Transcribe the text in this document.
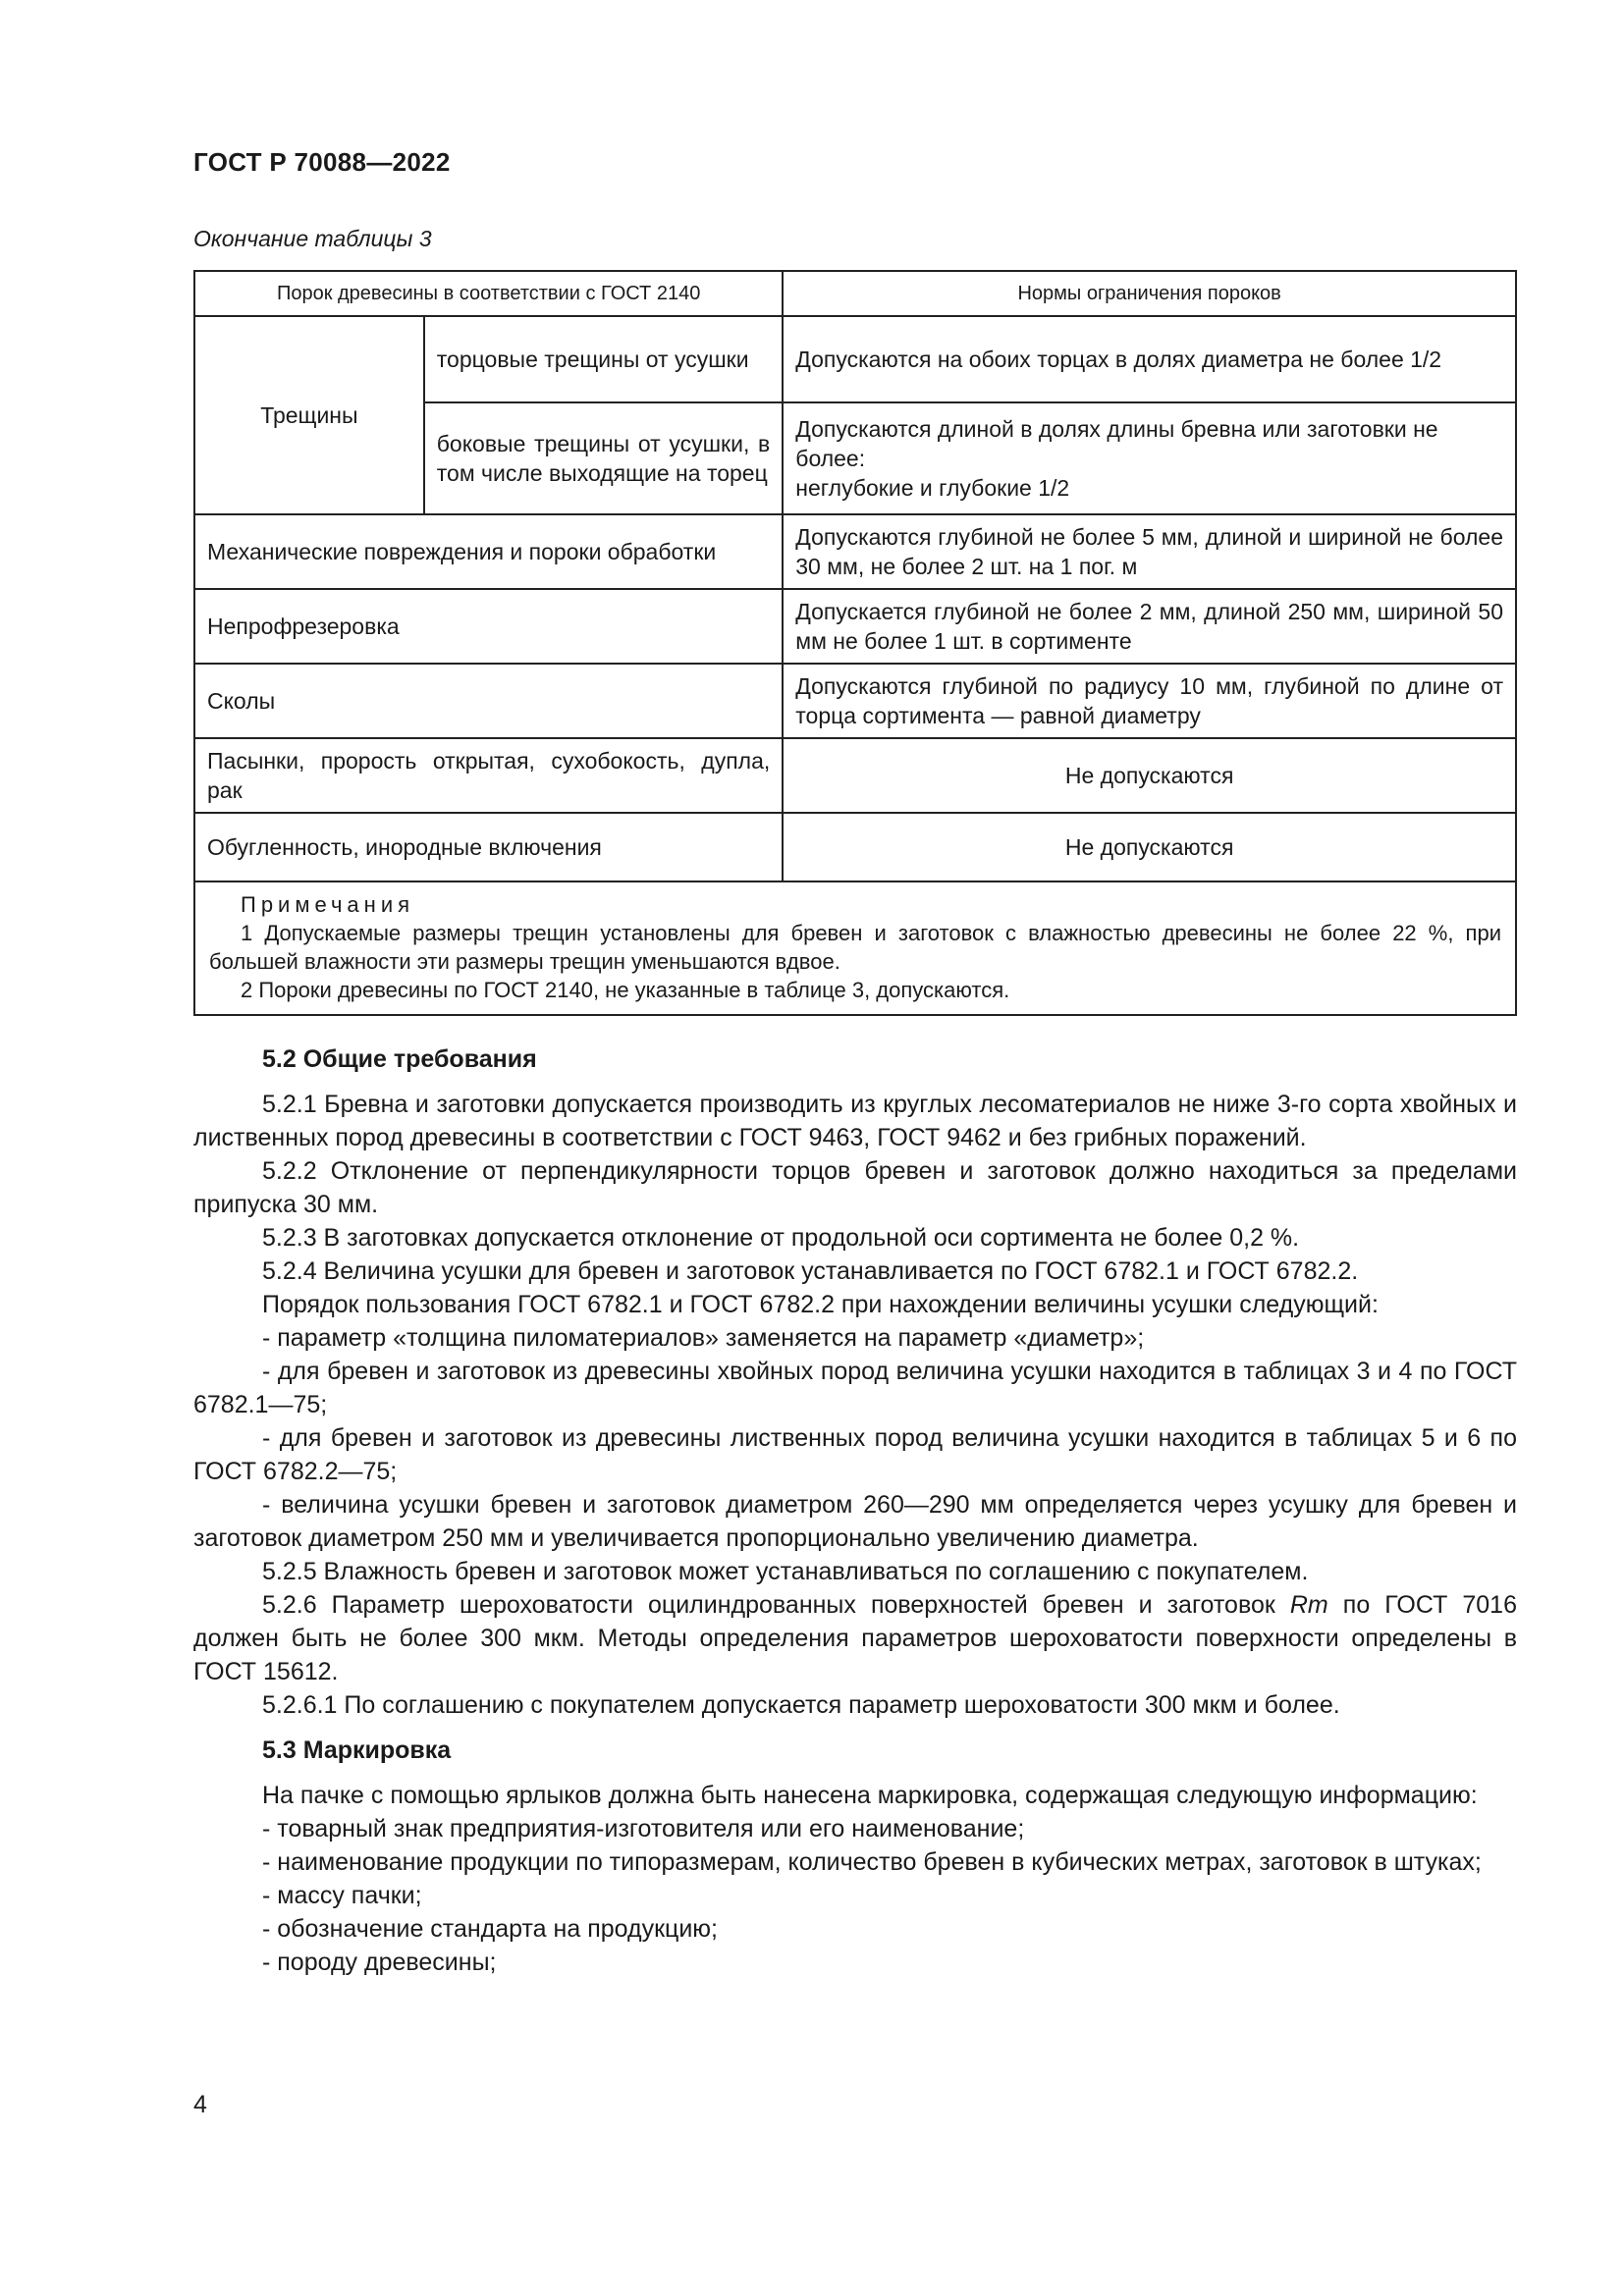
ГОСТ Р 70088—2022
Окончание таблицы 3
Порок древесины в соответствии с ГОСТ 2140		Нормы ограничения пороков
Трещины	торцовые трещины от усушки	Допускаются на обоих торцах в долях диаметра не более 1/2
	боковые трещины от усушки, в том числе выходящие на торец	Допускаются длиной в долях длины бревна или заготовки не более:
неглубокие и глубокие 1/2

Механические повреждения и пороки обработки		Допускаются глубиной не более 5 мм, длиной и шириной не более 30 мм, не более 2 шт. на 1 пог. м
Непрофрезеровка		Допускается глубиной не более 2 мм, длиной 250 мм, шириной 50 мм не более 1 шт. в сортименте
Сколы		Допускаются глубиной по радиусу 10 мм, глубиной по длине от торца сортимента — равной диаметру
Пасынки, прорость открытая, сухобокость, дупла, рак		Не допускаются
Обугленность, инородные включения		Не допускаются

Примечания
1 Допускаемые размеры трещин установлены для бревен и заготовок с влажностью древесины не более 22 %, при большей влажности эти размеры трещин уменьшаются вдвое.
2 Пороки древесины по ГОСТ 2140, не указанные в таблице 3, допускаются.		
5.2 Общие требования

5.2.1 Бревна и заготовки допускается производить из круглых лесоматериалов не ниже 3-го сорта хвойных и лиственных пород древесины в соответствии с ГОСТ 9463, ГОСТ 9462 и без грибных поражений.

5.2.2 Отклонение от перпендикулярности торцов бревен и заготовок должно находиться за пределами припуска 30 мм.

5.2.3 В заготовках допускается отклонение от продольной оси сортимента не более 0,2 %.

5.2.4 Величина усушки для бревен и заготовок устанавливается по ГОСТ 6782.1 и ГОСТ 6782.2.

Порядок пользования ГОСТ 6782.1 и ГОСТ 6782.2 при нахождении величины усушки следующий:

- параметр «толщина пиломатериалов» заменяется на параметр «диаметр»;

- для бревен и заготовок из древесины хвойных пород величина усушки находится в таблицах 3 и 4 по ГОСТ 6782.1—75;

- для бревен и заготовок из древесины лиственных пород величина усушки находится в таблицах 5 и 6 по ГОСТ 6782.2—75;

- величина усушки бревен и заготовок диаметром 260—290 мм определяется через усушку для бревен и заготовок диаметром 250 мм и увеличивается пропорционально увеличению диаметра.

5.2.5 Влажность бревен и заготовок может устанавливаться по соглашению с покупателем.

5.2.6 Параметр шероховатости оцилиндрованных поверхностей бревен и заготовок Rm по ГОСТ 7016 должен быть не более 300 мкм. Методы определения параметров шероховатости поверхности определены в ГОСТ 15612.

5.2.6.1 По соглашению с покупателем допускается параметр шероховатости 300 мкм и более.

5.3 Маркировка

На пачке с помощью ярлыков должна быть нанесена маркировка, содержащая следующую информацию:

- товарный знак предприятия-изготовителя или его наименование;

- наименование продукции по типоразмерам, количество бревен в кубических метрах, заготовок в штуках;

- массу пачки;

- обозначение стандарта на продукцию;

- породу древесины;

4
